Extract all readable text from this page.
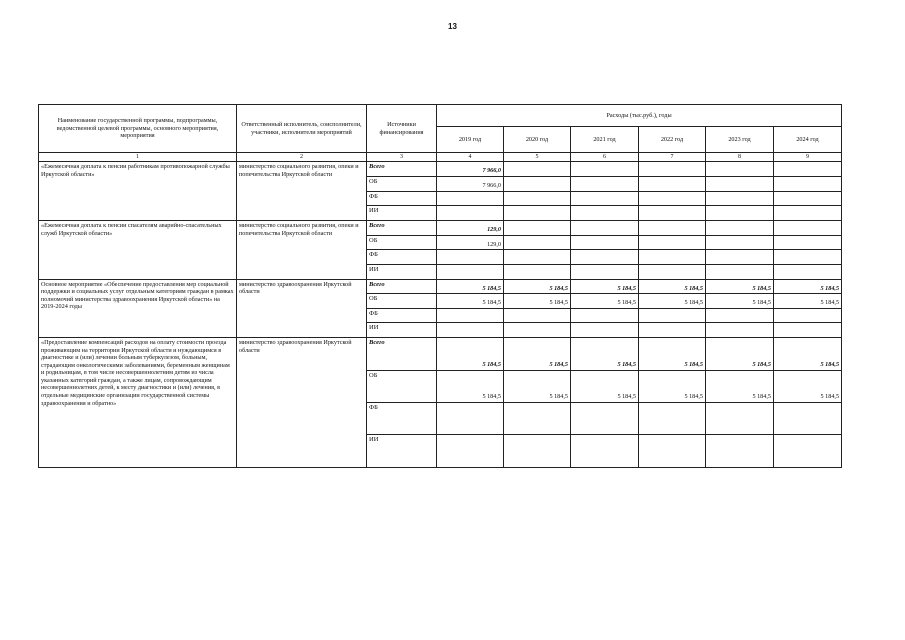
13
Наименование государственной программы, подпрограммы, ведомственной целевой программы, основного мероприятия, мероприятия	Ответственный исполнитель, соисполнители, участники, исполнители мероприятий	Источники финансирования	Расходы (тыс.руб.), годы					
			2019 год	2020 год	2021 год	2022 год	2023 год	2024 год
1	2	3	4	5	6	7	8	9
«Ежемесячная доплата к пенсии работникам противопожарной службы Иркутской области»	министерство социального развития, опеки и попечительства Иркутской области	Всего	7 966,0					
		ОБ	7 966,0					
		ФБ						
		ИИ						
«Ежемесячная доплата к пенсии спасателям аварийно-спасательных служб Иркутской области»	министерство социального развития, опеки и попечительства Иркутской области	Всего	129,0					
		ОБ	129,0					
		ФБ						
		ИИ						
Основное мероприятие «Обеспечение предоставления мер социальной поддержки и социальных услуг отдельным категориям граждан в рамках полномочий министерства здравоохранения Иркутской области» на 2019-2024 годы	министерство здравоохранения Иркутской области	Всего	5 184,5	5 184,5	5 184,5	5 184,5	5 184,5	5 184,5
		ОБ	5 184,5	5 184,5	5 184,5	5 184,5	5 184,5	5 184,5
		ФБ						
		ИИ						
«Предоставление компенсаций расходов на оплату стоимости проезда проживающим на территории Иркутской области и нуждающимся в диагностике и (или) лечении больным туберкулезом, больным, страдающим онкологическими заболеваниями, беременным женщинам и родильницам, в том числе несовершеннолетним детям из числа указанных категорий граждан, а также лицам, сопровождающим несовершеннолетних детей, к месту диагностики и (или) лечения, в отдельные медицинские организации государственной системы здравоохранения и обратно»	министерство здравоохранения Иркутской области	Всего	5 184,5	5 184,5	5 184,5	5 184,5	5 184,5	5 184,5
		ОБ	5 184,5	5 184,5	5 184,5	5 184,5	5 184,5	5 184,5
		ФБ						
		ИИ						
